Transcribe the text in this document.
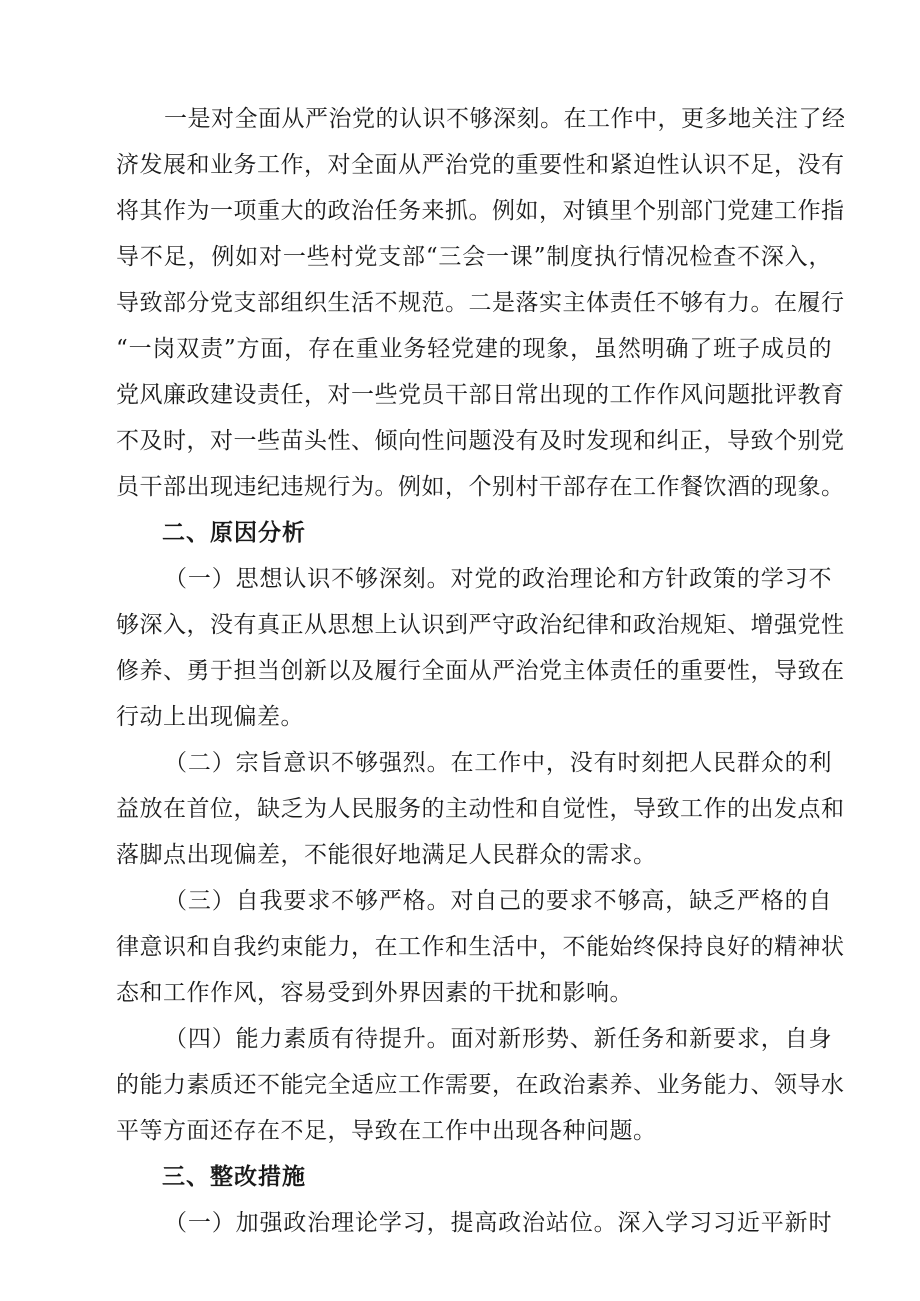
一是对全面从严治党的认识不够深刻。在工作中，更多地关注了经
济发展和业务工作，对全面从严治党的重要性和紧迫性认识不足，没有
将其作为一项重大的政治任务来抓。例如，对镇里个别部门党建工作指
导不足，例如对一些村党支部“三会一课”制度执行情况检查不深入，
导致部分党支部组织生活不规范。二是落实主体责任不够有力。在履行
“一岗双责”方面，存在重业务轻党建的现象，虽然明确了班子成员的
党风廉政建设责任，对一些党员干部日常出现的工作作风问题批评教育
不及时，对一些苗头性、倾向性问题没有及时发现和纠正，导致个别党
员干部出现违纪违规行为。例如，个别村干部存在工作餐饮酒的现象。
二、原因分析
（一）思想认识不够深刻。对党的政治理论和方针政策的学习不
够深入，没有真正从思想上认识到严守政治纪律和政治规矩、增强党性
修养、勇于担当创新以及履行全面从严治党主体责任的重要性，导致在
行动上出现偏差。
（二）宗旨意识不够强烈。在工作中，没有时刻把人民群众的利
益放在首位，缺乏为人民服务的主动性和自觉性，导致工作的出发点和
落脚点出现偏差，不能很好地满足人民群众的需求。
（三）自我要求不够严格。对自己的要求不够高，缺乏严格的自
律意识和自我约束能力，在工作和生活中，不能始终保持良好的精神状
态和工作作风，容易受到外界因素的干扰和影响。
（四）能力素质有待提升。面对新形势、新任务和新要求，自身
的能力素质还不能完全适应工作需要，在政治素养、业务能力、领导水
平等方面还存在不足，导致在工作中出现各种问题。
三、整改措施
（一）加强政治理论学习，提高政治站位。深入学习习近平新时
